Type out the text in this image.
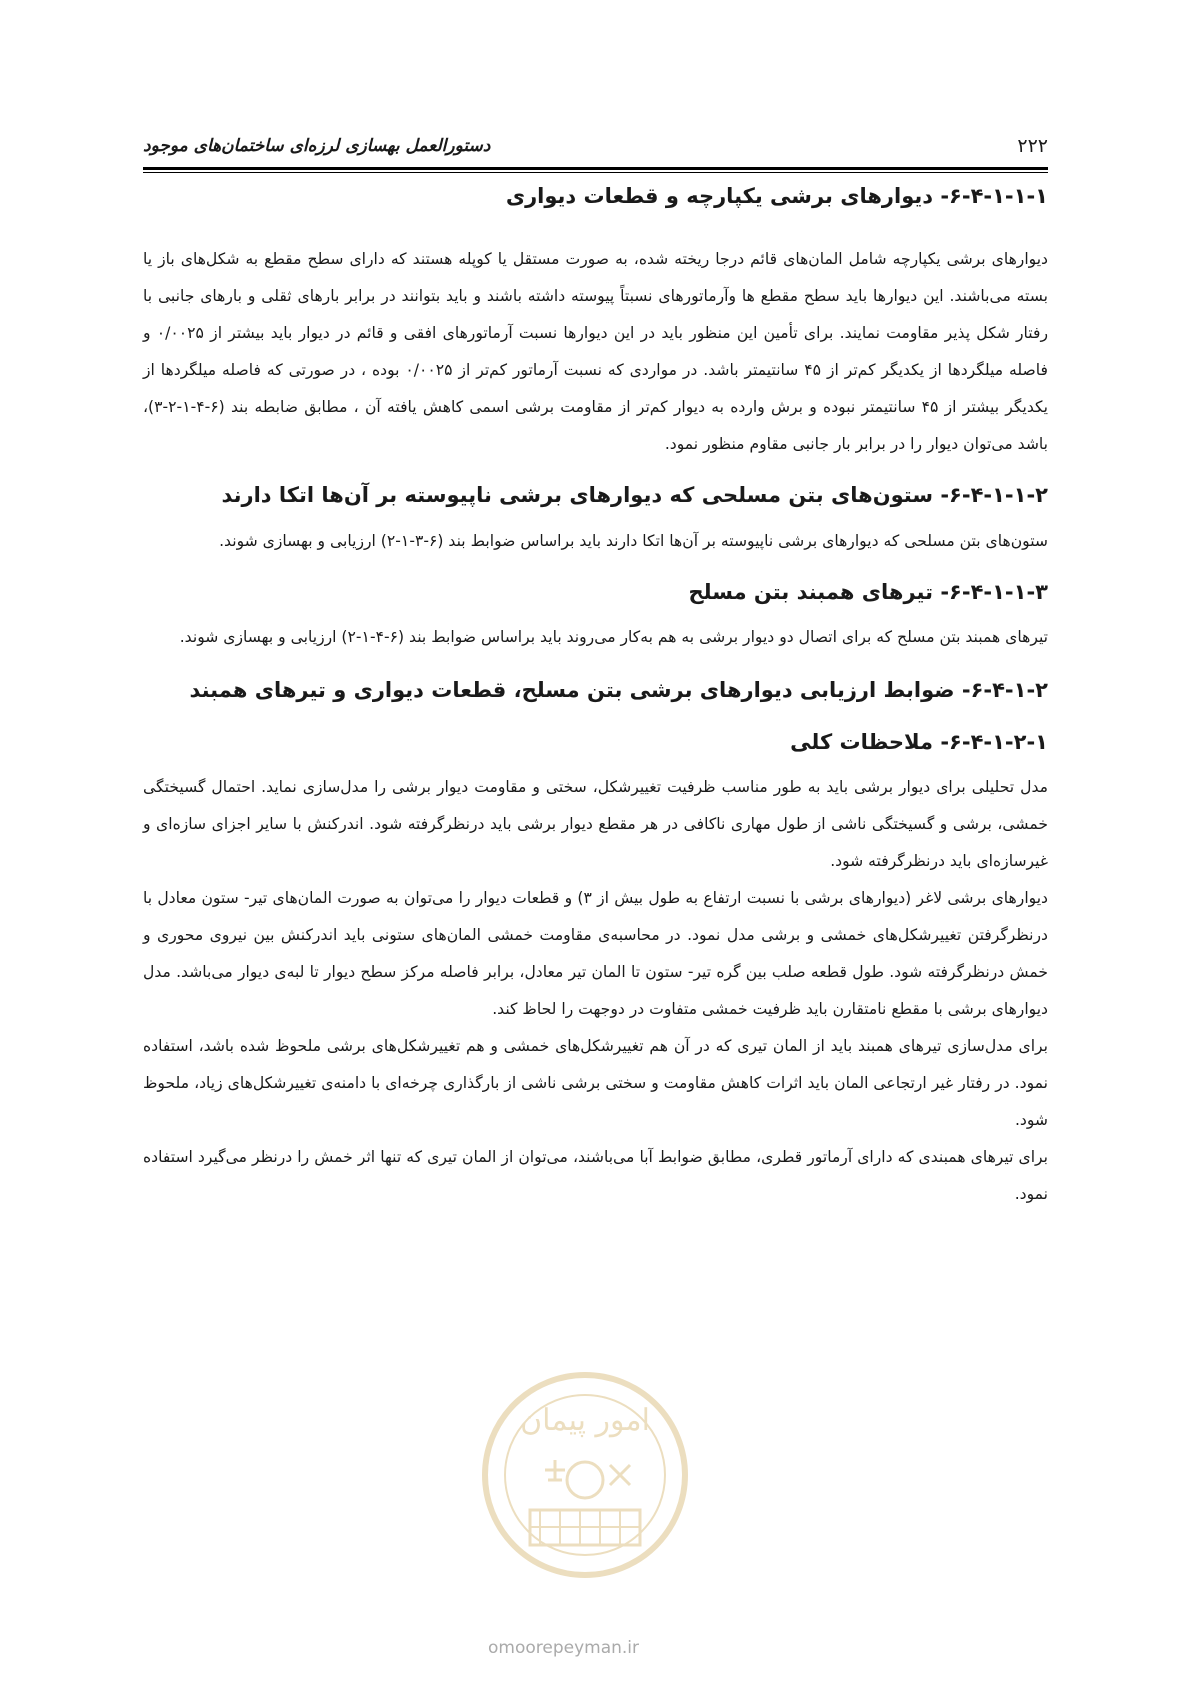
۲۲۲
دستورالعمل بهسازی لرزه‌ای ساختمان‌های موجود
۶-۴-۱-۱-۱- دیوارهای برشی یکپارچه و قطعات دیواری

دیوارهای برشی یکپارچه شامل المان‌های قائم درجا ریخته شده، به صورت مستقل یا کوپله هستند که دارای سطح مقطع به شکل‌های باز یا بسته می‌باشند. این دیوارها باید سطح مقطع ها وآرماتورهای نسبتاً پیوسته داشته باشند و باید بتوانند در برابر بارهای ثقلی و بارهای جانبی با رفتار شکل پذیر مقاومت نمایند. برای تأمین این منظور باید در این دیوارها نسبت آرماتورهای افقی و قائم در دیوار باید بیشتر از ۰/۰۰۲۵ و فاصله میلگردها از یکدیگر کم‌تر از ۴۵ سانتیمتر باشد. در مواردی که نسبت آرماتور کم‌تر از ۰/۰۰۲۵ بوده ، در صورتی که فاصله میلگردها از یکدیگر بیشتر از ۴۵ سانتیمتر نبوده و برش وارده به دیوار کم‌تر از مقاومت برشی اسمی کاهش یافته آن ، مطابق ضابطه بند (۶-۴-۱-۲-۳)، باشد می‌توان دیوار را در برابر بار جانبی مقاوم منظور نمود.

۶-۴-۱-۱-۲- ستون‌های بتن مسلحی که دیوارهای برشی ناپیوسته بر آن‌ها اتکا دارند

ستون‌های بتن مسلحی که دیوارهای برشی ناپیوسته بر آن‌ها اتکا دارند باید براساس ضوابط بند (۶-۳-۱-۲) ارزیابی و بهسازی شوند.

۶-۴-۱-۱-۳- تیرهای همبند بتن مسلح

تیرهای همبند بتن مسلح که برای اتصال دو دیوار برشی به هم به‌کار می‌روند باید براساس ضوابط بند (۶-۴-۱-۲) ارزیابی و بهسازی شوند.

۶-۴-۱-۲- ضوابط ارزیابی دیوارهای برشی بتن مسلح، قطعات دیواری و تیرهای همبند
۶-۴-۱-۲-۱- ملاحظات کلی

مدل تحلیلی برای دیوار برشی باید به طور مناسب ظرفیت تغییرشکل، سختی و مقاومت دیوار برشی را مدل‌سازی نماید. احتمال گسیختگی خمشی، برشی و گسیختگی ناشی از طول مهاری ناکافی در هر مقطع دیوار برشی باید درنظرگرفته شود. اندرکنش با سایر اجزای سازه‌ای و غیرسازه‌ای باید درنظرگرفته شود.

دیوارهای برشی لاغر (دیوارهای برشی با نسبت ارتفاع به طول بیش از ۳) و قطعات دیوار را می‌توان به صورت المان‌های تیر- ستون معادل با درنظرگرفتن تغییرشکل‌های خمشی و برشی مدل نمود. در محاسبه‌ی مقاومت خمشی المان‌های ستونی باید اندرکنش بین نیروی محوری و خمش درنظرگرفته شود. طول قطعه صلب بین گره تیر- ستون تا المان تیر معادل، برابر فاصله مرکز سطح دیوار تا لبه‌ی دیوار می‌باشد. مدل دیوارهای برشی با مقطع نامتقارن باید ظرفیت خمشی متفاوت در دوجهت را لحاظ کند.

برای مدل‌سازی تیرهای همبند باید از المان تیری که در آن هم تغییرشکل‌های خمشی و هم تغییرشکل‌های برشی ملحوظ شده باشد، استفاده نمود. در رفتار غیر ارتجاعی المان باید اثرات کاهش مقاومت و سختی برشی ناشی از بارگذاری چرخه‌ای با دامنه‌ی تغییرشکل‌های زیاد، ملحوظ شود.

برای تیرهای همبندی که دارای آرماتور قطری، مطابق ضوابط آبا می‌باشند، می‌توان از المان تیری که تنها اثر خمش را درنظر می‌گیرد استفاده نمود.

امور پیمان
omoorepeyman.ir
